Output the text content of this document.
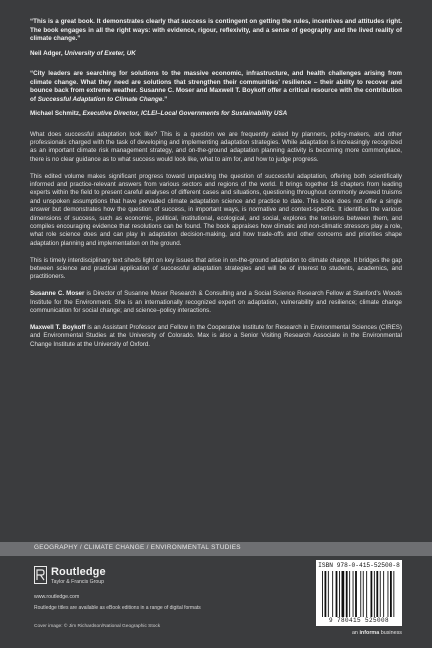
“This is a great book. It demonstrates clearly that success is contingent on getting the rules, incentives and attitudes right. The book engages in all the right ways: with evidence, rigour, reflexivity, and a sense of geography and the lived reality of climate change.”

Neil Adger, University of Exeter, UK

“City leaders are searching for solutions to the massive economic, infrastructure, and health challenges arising from climate change. What they need are solutions that strengthen their communities’ resilience – their ability to recover and bounce back from extreme weather. Susanne C. Moser and Maxwell T. Boykoff offer a critical resource with the contribution of Successful Adaptation to Climate Change.”

Michael Schmitz, Executive Director, ICLEI–Local Governments for Sustainability USA

What does successful adaptation look like? This is a question we are frequently asked by planners, policy-makers, and other professionals charged with the task of developing and implementing adaptation strategies. While adaptation is increasingly recognized as an important climate risk management strategy, and on-the-ground adaptation planning activity is becoming more commonplace, there is no clear guidance as to what success would look like, what to aim for, and how to judge progress.

This edited volume makes significant progress toward unpacking the question of successful adaptation, offering both scientifically informed and practice-relevant answers from various sectors and regions of the world. It brings together 18 chapters from leading experts within the field to present careful analyses of different cases and situations, questioning throughout commonly avowed truisms and unspoken assumptions that have pervaded climate adaptation science and practice to date. This book does not offer a single answer but demonstrates how the question of success, in important ways, is normative and context-specific. It identifies the various dimensions of success, such as economic, political, institutional, ecological, and social, explores the tensions between them, and compiles encouraging evidence that resolutions can be found. The book appraises how climatic and non-climatic stressors play a role, what role science does and can play in adaptation decision-making, and how trade-offs and other concerns and priorities shape adaptation planning and implementation on the ground.

This is timely interdisciplinary text sheds light on key issues that arise in on-the-ground adaptation to climate change. It bridges the gap between science and practical application of successful adaptation strategies and will be of interest to students, academics, and practitioners.

Susanne C. Moser is Director of Susanne Moser Research & Consulting and a Social Science Research Fellow at Stanford’s Woods Institute for the Environment. She is an internationally recognized expert on adaptation, vulnerability and resilience; climate change communication for social change; and science–policy interactions.

Maxwell T. Boykoff is an Assistant Professor and Fellow in the Cooperative Institute for Research in Environmental Sciences (CIRES) and Environmental Studies at the University of Colorado. Max is also a Senior Visiting Research Associate in the Environmental Change Institute at the University of Oxford.

GEOGRAPHY / CLIMATE CHANGE / ENVIRONMENTAL STUDIES
Routledge
Taylor & Francis Group
www.routledge.com
Routledge titles are available as eBook editions in a range of digital formats
Cover image: © Jim Richardson/National Geographic Stock
ISBN 978-0-415-52500-8
9 780415 525008
an informa business
